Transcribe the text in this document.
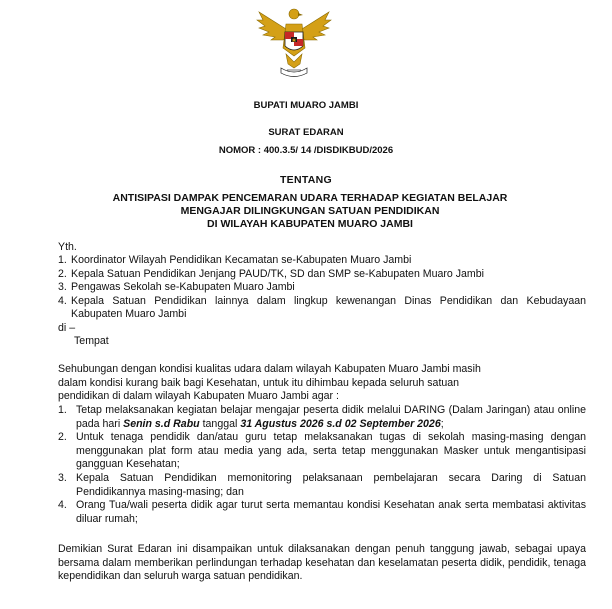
BUPATI MUARO JAMBI
SURAT EDARAN
NOMOR : 400.3.5/ 14 /DISDIKBUD/2026
TENTANG
ANTISIPASI DAMPAK PENCEMARAN UDARA TERHADAP KEGIATAN BELAJAR
MENGAJAR DILINGKUNGAN SATUAN PENDIDIKAN
DI WILAYAH KABUPATEN MUARO JAMBI
Yth.
1. Koordinator Wilayah Pendidikan Kecamatan se-Kabupaten Muaro Jambi
2. Kepala Satuan Pendidikan Jenjang PAUD/TK, SD dan SMP se-Kabupaten Muaro Jambi
3. Pengawas Sekolah se-Kabupaten Muaro Jambi
4. Kepala Satuan Pendidikan lainnya dalam lingkup kewenangan Dinas Pendidikan dan Kebudayaan Kabupaten Muaro Jambi
di –
Tempat
Sehubungan dengan kondisi kualitas udara dalam wilayah Kabupaten Muaro Jambi masih
dalam kondisi kurang baik bagi Kesehatan, untuk itu dihimbau kepada seluruh satuan
pendidikan di dalam wilayah Kabupaten Muaro Jambi agar :
1. Tetap melaksanakan kegiatan belajar mengajar peserta didik melalui DARING (Dalam Jaringan) atau online pada hari Senin s.d Rabu tanggal 31 Agustus 2026 s.d 02 September 2026;
2. Untuk tenaga pendidik dan/atau guru tetap melaksanakan tugas di sekolah masing-masing dengan menggunakan plat form atau media yang ada, serta tetap menggunakan Masker untuk mengantisipasi gangguan Kesehatan;
3. Kepala Satuan Pendidikan memonitoring pelaksanaan pembelajaran secara Daring di Satuan Pendidikannya masing-masing; dan
4. Orang Tua/wali peserta didik agar turut serta memantau kondisi Kesehatan anak serta membatasi aktivitas diluar rumah;
Demikian Surat Edaran ini disampaikan untuk dilaksanakan dengan penuh tanggung jawab, sebagai upaya bersama dalam memberikan perlindungan terhadap kesehatan dan keselamatan peserta didik, pendidik, tenaga kependidikan dan seluruh warga satuan pendidikan.
